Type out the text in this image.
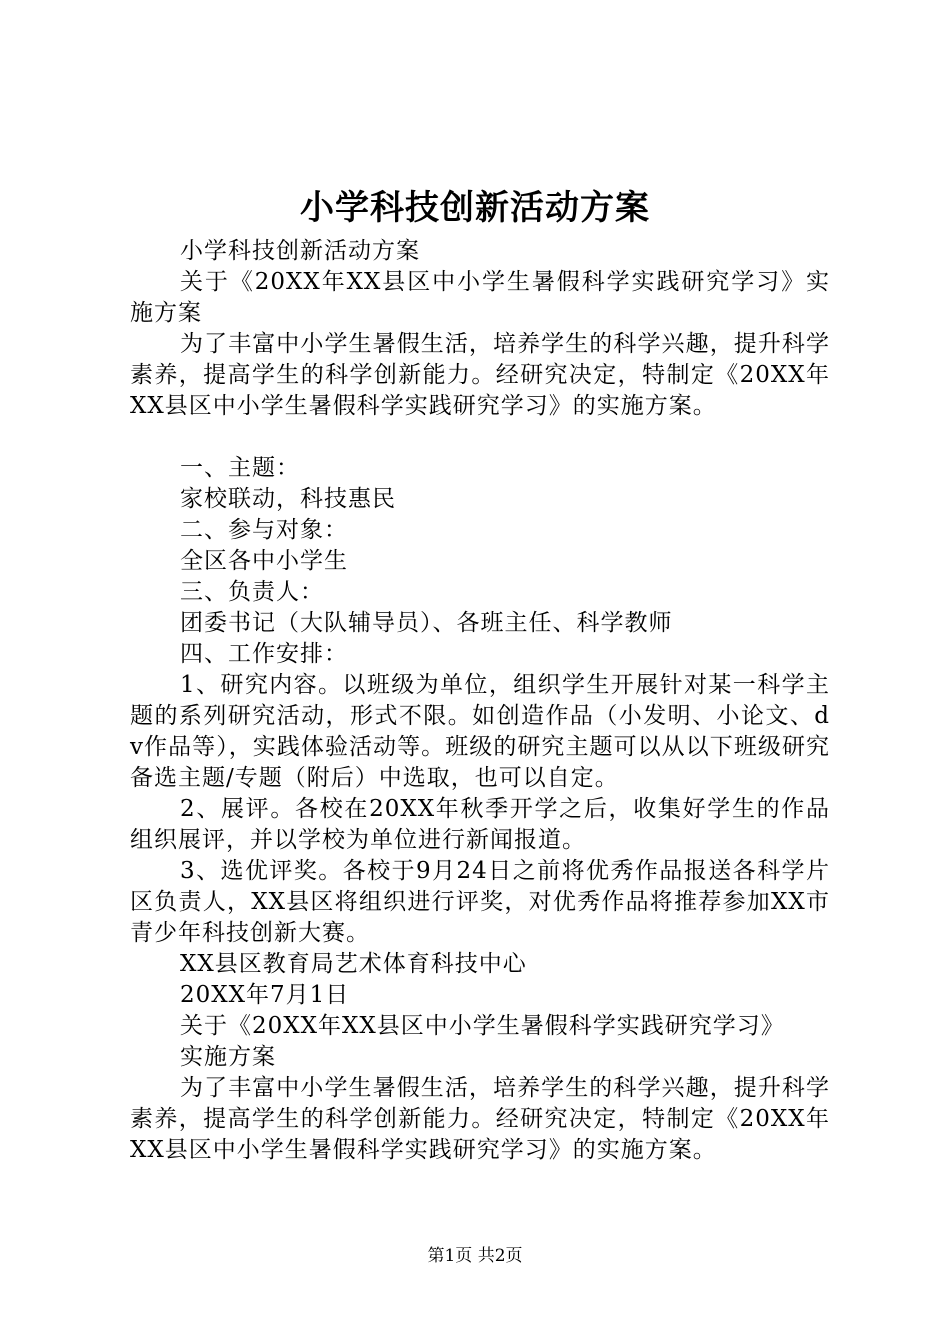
小学科技创新活动方案

小学科技创新活动方案

关于《20XX年XX县区中小学生暑假科学实践研究学习》实施方案

为了丰富中小学生暑假生活，培养学生的科学兴趣，提升科学素养，提高学生的科学创新能力。经研究决定，特制定《20XX年XX县区中小学生暑假科学实践研究学习》的实施方案。

一、主题：

家校联动，科技惠民

二、参与对象：

全区各中小学生

三、负责人：

团委书记（大队辅导员）、各班主任、科学教师

四、工作安排：

1、研究内容。以班级为单位，组织学生开展针对某一科学主题的系列研究活动，形式不限。如创造作品（小发明、小论文、dv作品等），实践体验活动等。班级的研究主题可以从以下班级研究备选主题/专题（附后）中选取，也可以自定。

2、展评。各校在20XX年秋季开学之后，收集好学生的作品组织展评，并以学校为单位进行新闻报道。

3、选优评奖。各校于9月24日之前将优秀作品报送各科学片区负责人，XX县区将组织进行评奖，对优秀作品将推荐参加XX市青少年科技创新大赛。

XX县区教育局艺术体育科技中心

20XX年7月1日

关于《20XX年XX县区中小学生暑假科学实践研究学习》

实施方案

为了丰富中小学生暑假生活，培养学生的科学兴趣，提升科学素养，提高学生的科学创新能力。经研究决定，特制定《20XX年XX县区中小学生暑假科学实践研究学习》的实施方案。

第1页 共2页
